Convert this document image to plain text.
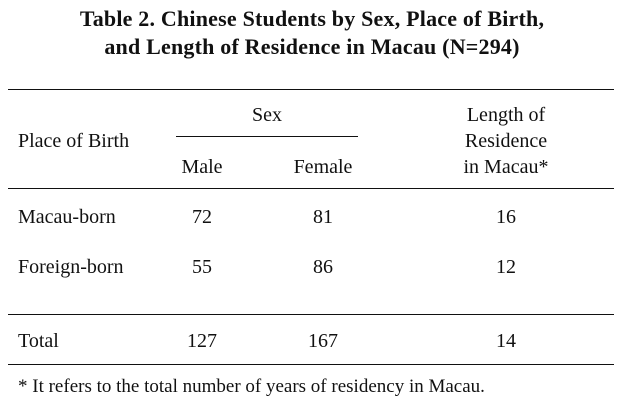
Table 2. Chinese Students by Sex, Place of Birth,
and Length of Residence in Macau (N=294)
Place of Birth
Sex
Male	Female
Length of
Residence
in Macau*
Macau-born	72	81	16
Foreign-born	55	86	12
Total	127	167	14
* It refers to the total number of years of residency in Macau.
